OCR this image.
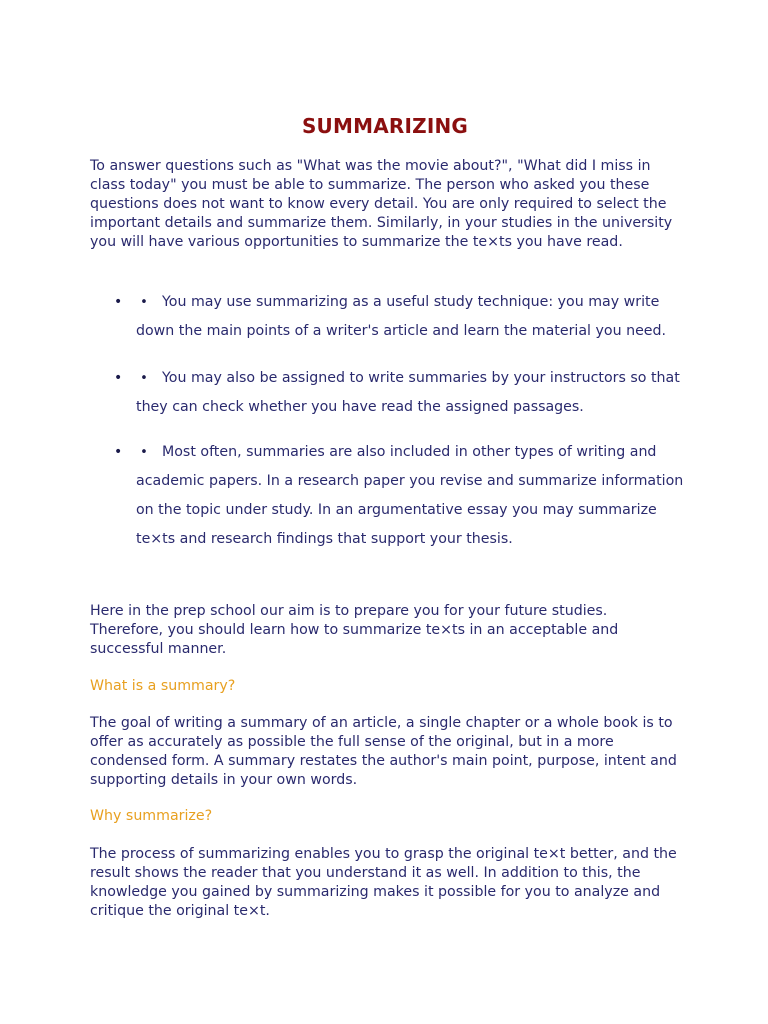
SUMMARIZING

To answer questions such as "What was the movie about?", "What did I miss in class today" you must be able to summarize. The person who asked you these questions does not want to know every detail. You are only required to select the important details and summarize them. Similarly, in your studies in the university you will have various opportunities to summarize the te×ts you have read.

• • You may use summarizing as a useful study technique: you may write down the main points of a writer's article and learn the material you need.
• • You may also be assigned to write summaries by your instructors so that they can check whether you have read the assigned passages.
• • Most often, summaries are also included in other types of writing and academic papers. In a research paper you revise and summarize information on the topic under study. In an argumentative essay you may summarize te×ts and research findings that support your thesis.

Here in the prep school our aim is to prepare you for your future studies. Therefore, you should learn how to summarize te×ts in an acceptable and successful manner.

What is a summary?

The goal of writing a summary of an article, a single chapter or a whole book is to offer as accurately as possible the full sense of the original, but in a more condensed form. A summary restates the author's main point, purpose, intent and supporting details in your own words.

Why summarize?

The process of summarizing enables you to grasp the original te×t better, and the result shows the reader that you understand it as well. In addition to this, the knowledge you gained by summarizing makes it possible for you to analyze and critique the original te×t.
